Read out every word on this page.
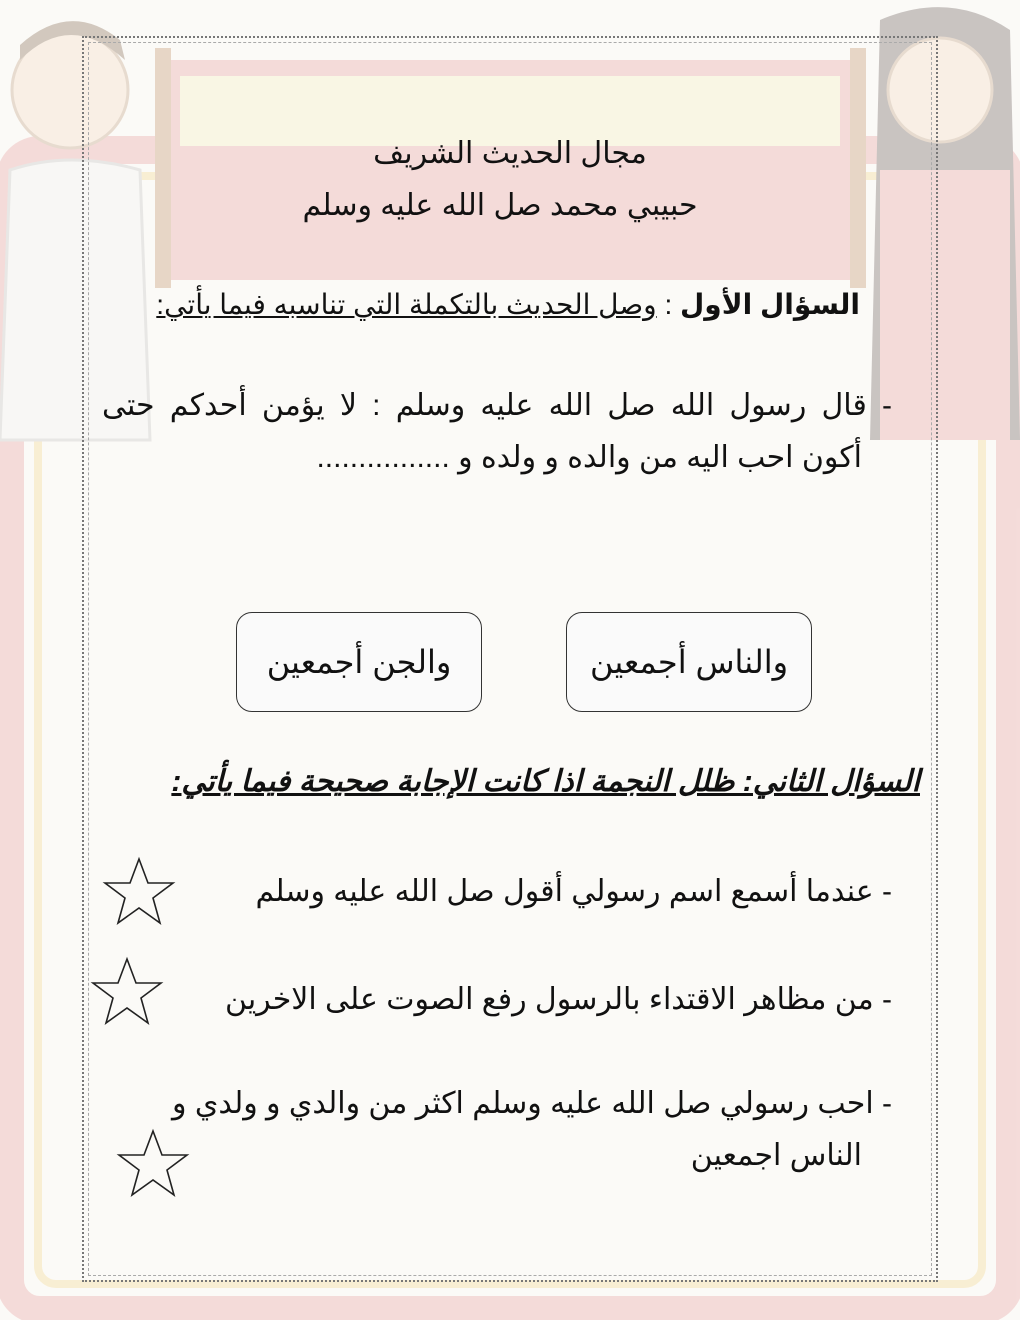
مجال الحديث الشريف
حبيبي محمد صل الله عليه وسلم
السؤال الأول : وصل الحديث بالتكملة التي تناسبه فيما يأتي:
- قال رسول الله صل الله عليه وسلم : لا يؤمن أحدكم حتى
أكون احب اليه من والده و ولده و ................
والناس أجمعين
والجن أجمعين
السؤال الثاني: ظلل النجمة اذا كانت الإجابة صحيحة فيما يأتي:
- عندما أسمع اسم رسولي أقول صل الله عليه وسلم
- من مظاهر الاقتداء بالرسول رفع الصوت على الاخرين
- احب رسولي صل الله عليه وسلم اكثر من والدي و ولدي و
الناس اجمعين
